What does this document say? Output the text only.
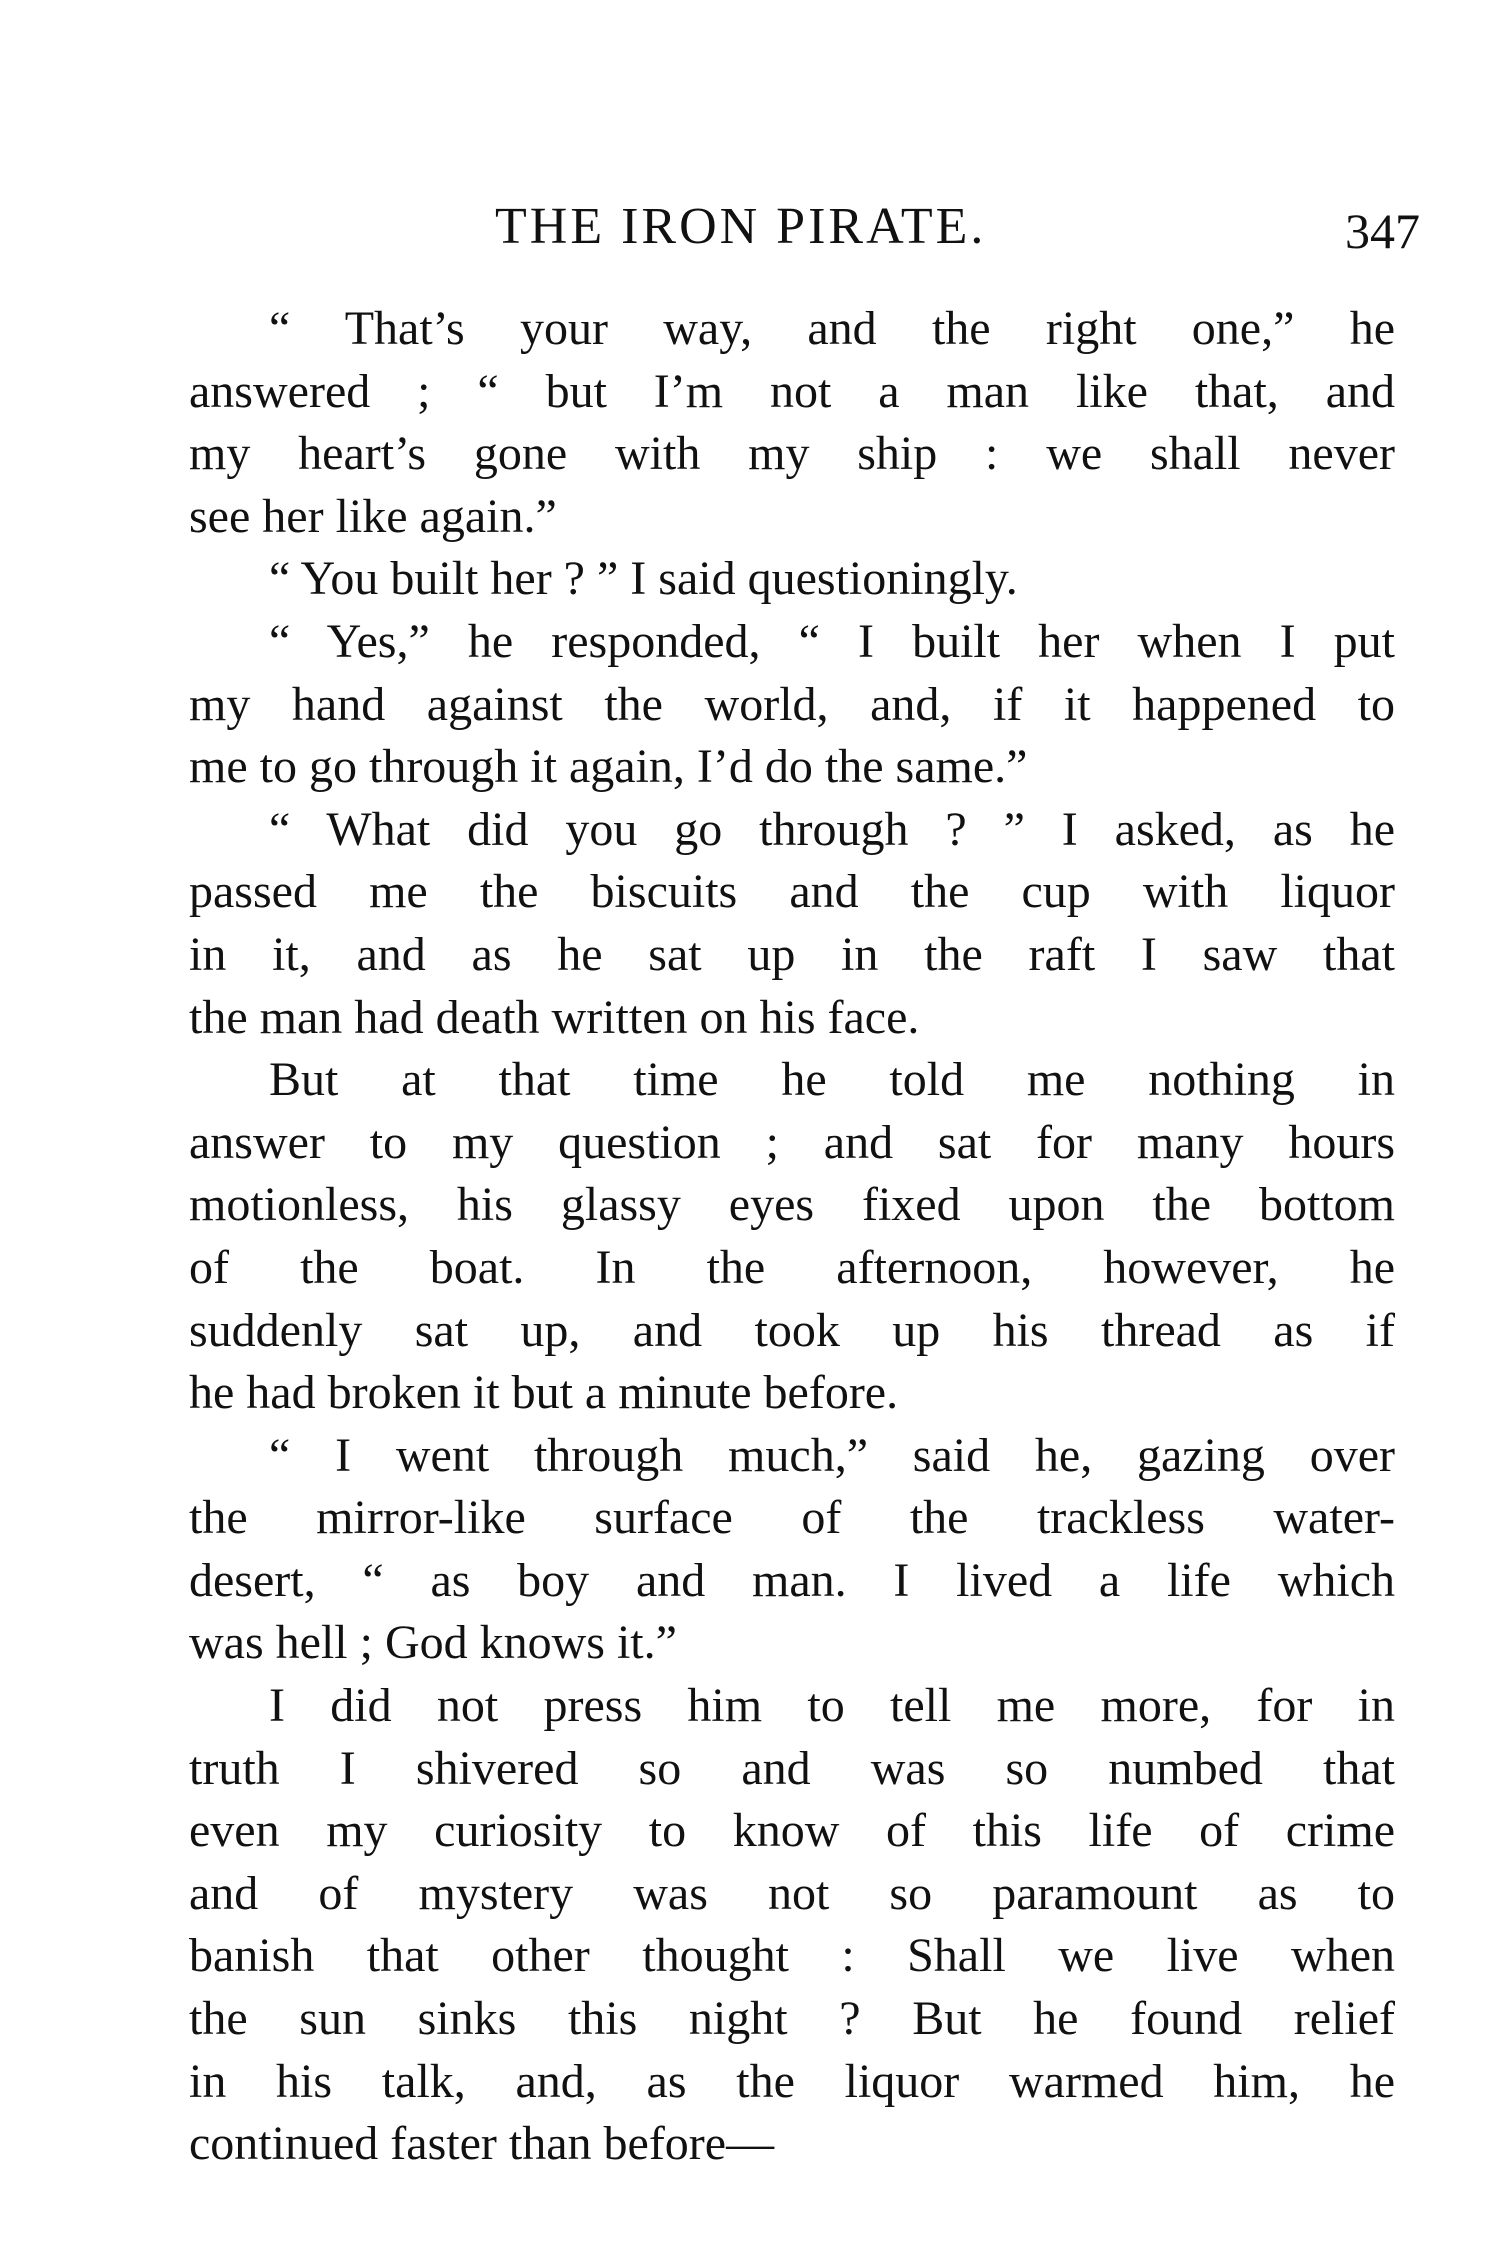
THE IRON PIRATE.	347
“ That’s your way, and the right one,” he
answered ; “ but I’m not a man like that, and
my heart’s gone with my ship : we shall never
see her like again.”
“ You built her ? ” I said questioningly.
“ Yes,” he responded, “ I built her when I put
my hand against the world, and, if it happened to
me to go through it again, I’d do the same.”
“ What did you go through ? ” I asked, as he
passed me the biscuits and the cup with liquor
in it, and as he sat up in the raft I saw that
the man had death written on his face.
But at that time he told me nothing in
answer to my question ; and sat for many hours
motionless, his glassy eyes fixed upon the bottom
of the boat. In the afternoon, however, he
suddenly sat up, and took up his thread as if
he had broken it but a minute before.
“ I went through much,” said he, gazing over
the mirror-like surface of the trackless water-
desert, “ as boy and man. I lived a life which
was hell ; God knows it.”
I did not press him to tell me more, for in
truth I shivered so and was so numbed that
even my curiosity to know of this life of crime
and of mystery was not so paramount as to
banish that other thought : Shall we live when
the sun sinks this night ? But he found relief
in his talk, and, as the liquor warmed him, he
continued faster than before—
